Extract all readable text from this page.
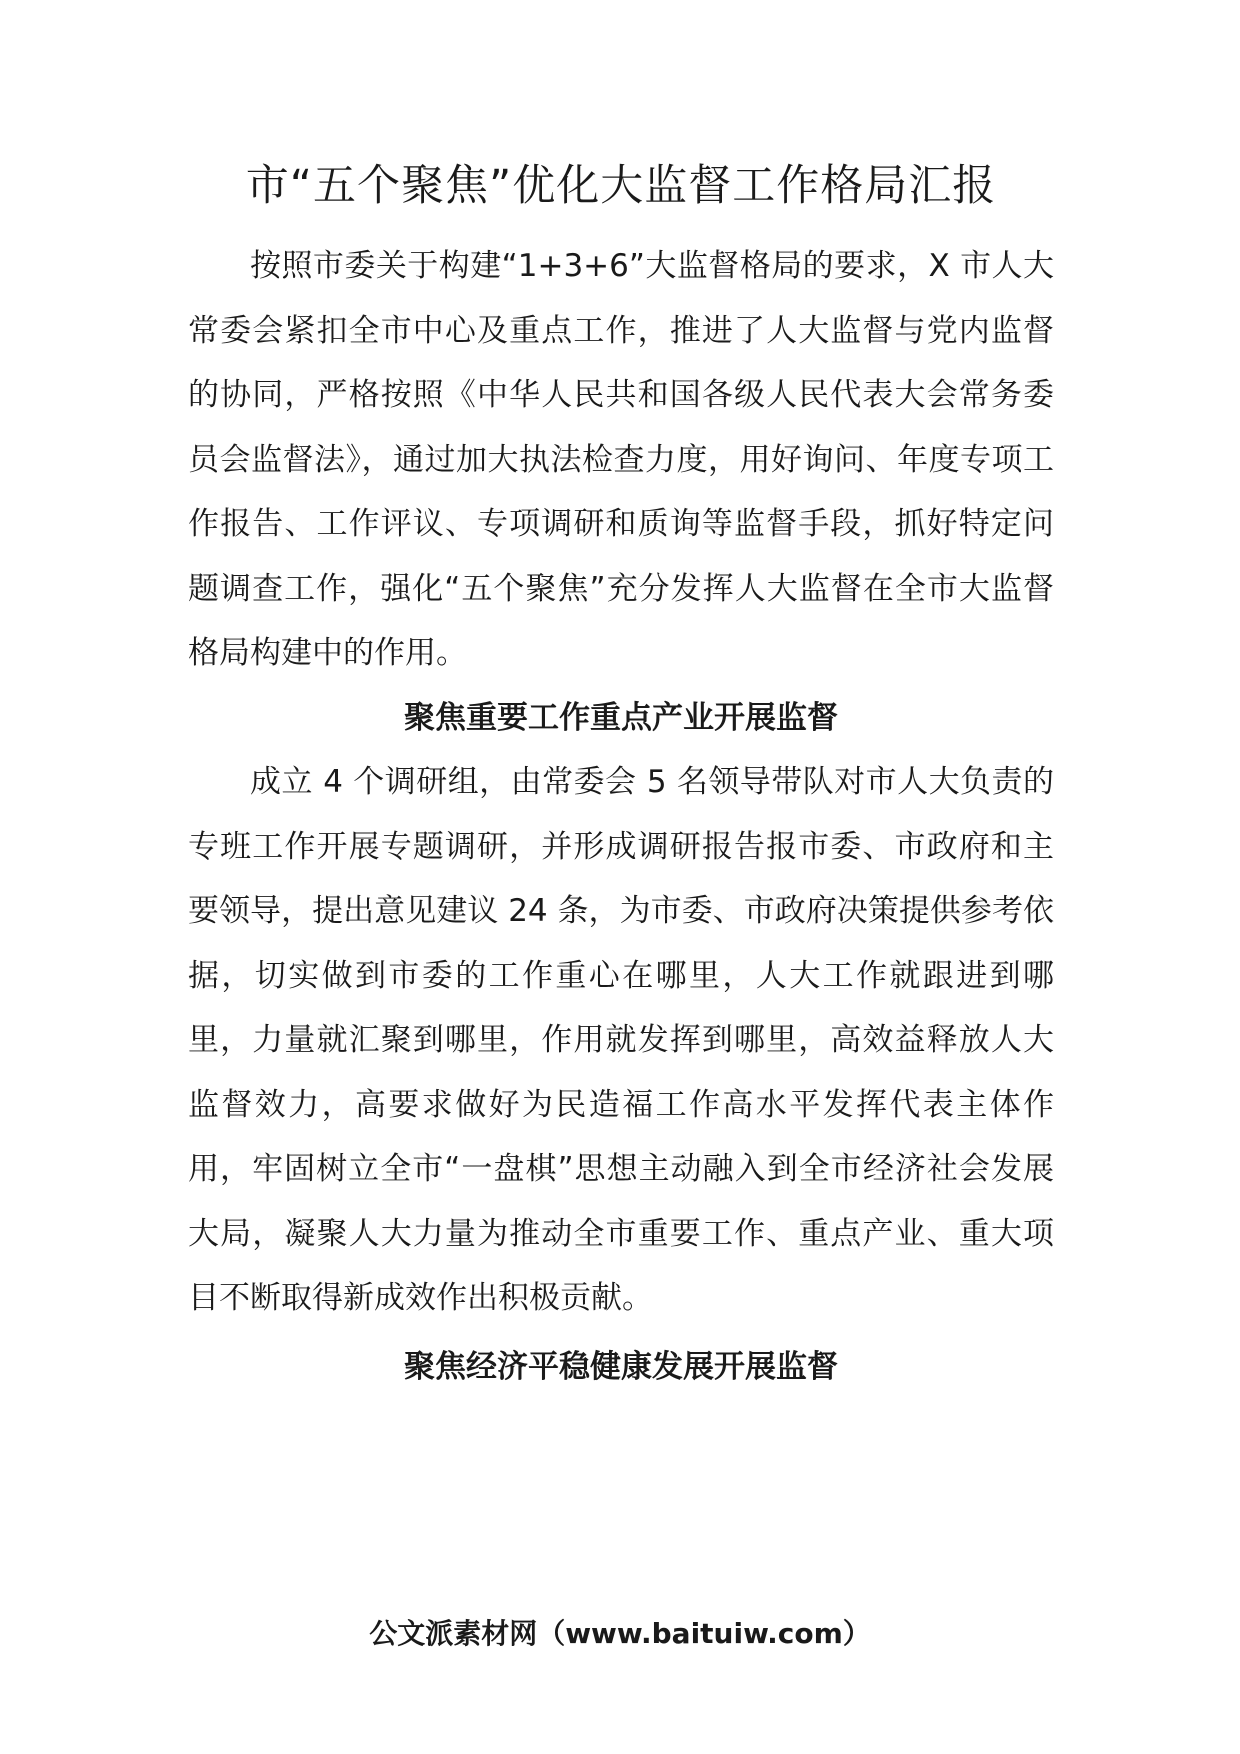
市“五个聚焦”优化大监督工作格局汇报

按照市委关于构建“1+3+6”大监督格局的要求，X 市人大常委会紧扣全市中心及重点工作，推进了人大监督与党内监督的协同，严格按照《中华人民共和国各级人民代表大会常务委员会监督法》，通过加大执法检查力度，用好询问、年度专项工作报告、工作评议、专项调研和质询等监督手段，抓好特定问题调查工作，强化“五个聚焦”充分发挥人大监督在全市大监督格局构建中的作用。

聚焦重要工作重点产业开展监督

成立 4 个调研组，由常委会 5 名领导带队对市人大负责的专班工作开展专题调研，并形成调研报告报市委、市政府和主要领导，提出意见建议 24 条，为市委、市政府决策提供参考依据，切实做到市委的工作重心在哪里，人大工作就跟进到哪里，力量就汇聚到哪里，作用就发挥到哪里，高效益释放人大监督效力，高要求做好为民造福工作高水平发挥代表主体作用，牢固树立全市“一盘棋”思想主动融入到全市经济社会发展大局，凝聚人大力量为推动全市重要工作、重点产业、重大项目不断取得新成效作出积极贡献。

聚焦经济平稳健康发展开展监督
公文派素材网（www.baituiw.com）
